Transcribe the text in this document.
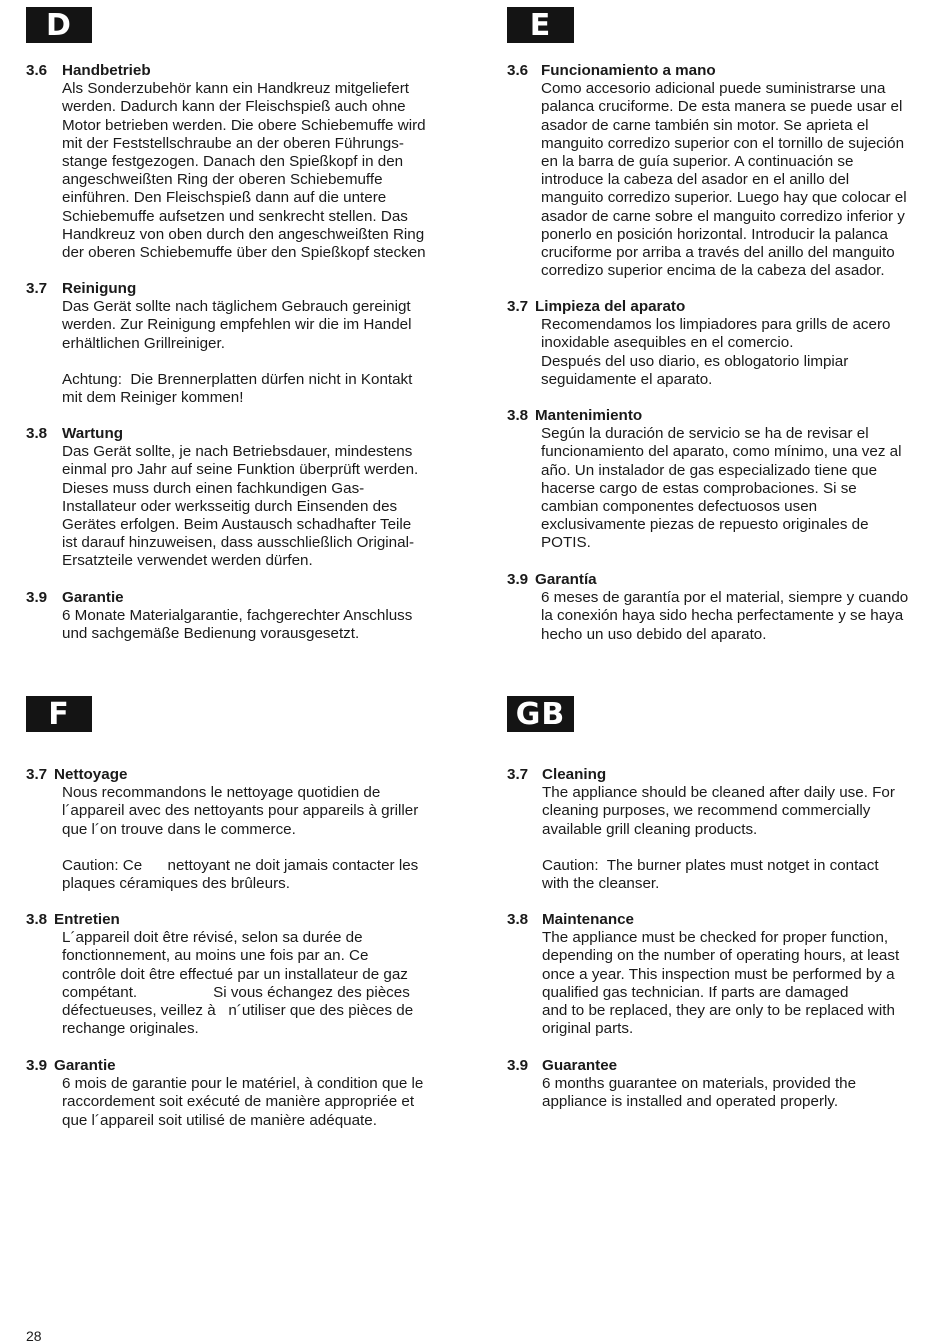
D	E
F	GB
3.6 Handbetrieb
Als Sonderzubehör kann ein Handkreuz mitgeliefert
werden. Dadurch kann der Fleischspieß auch ohne
Motor betrieben werden. Die obere Schiebemuffe wird
mit der Feststellschraube an der oberen Führungs-
stange festgezogen. Danach den Spießkopf in den
angeschweißten Ring der oberen Schiebemuffe
einführen. Den Fleischspieß dann auf die untere
Schiebemuffe aufsetzen und senkrecht stellen. Das
Handkreuz von oben durch den angeschweißten Ring
der oberen Schiebemuffe über den Spießkopf stecken
3.7 Reinigung
Das Gerät sollte nach täglichem Gebrauch gereinigt
werden. Zur Reinigung empfehlen wir die im Handel
erhältlichen Grillreiniger.
Achtung:  Die Brennerplatten dürfen nicht in Kontakt
mit dem Reiniger kommen!
3.8 Wartung
Das Gerät sollte, je nach Betriebsdauer, mindestens
einmal pro Jahr auf seine Funktion überprüft werden.
Dieses muss durch einen fachkundigen Gas-
Installateur oder werksseitig durch Einsenden des
Gerätes erfolgen. Beim Austausch schadhafter Teile
ist darauf hinzuweisen, dass ausschließlich Original-
Ersatzteile verwendet werden dürfen.
3.9 Garantie
6 Monate Materialgarantie, fachgerechter Anschluss
und sachgemäße Bedienung vorausgesetzt.
3.6 Funcionamiento a mano
Como accesorio adicional puede suministrarse una
palanca cruciforme. De esta manera se puede usar el
asador de carne también sin motor. Se aprieta el
manguito corredizo superior con el tornillo de sujeción
en la barra de guía superior. A continuación se
introduce la cabeza del asador en el anillo del
manguito corredizo superior. Luego hay que colocar el
asador de carne sobre el manguito corredizo inferior y
ponerlo en posición horizontal. Introducir la palanca
cruciforme por arriba a través del anillo del manguito
corredizo superior encima de la cabeza del asador.
3.7 Limpieza del aparato
Recomendamos los limpiadores para grills de acero
inoxidable asequibles en el comercio.
Después del uso diario, es oblogatorio limpiar
seguidamente el aparato.
3.8 Mantenimiento
Según la duración de servicio se ha de revisar el
funcionamiento del aparato, como mínimo, una vez al
año. Un instalador de gas especializado tiene que
hacerse cargo de estas comprobaciones. Si se
cambian componentes defectuosos usen
exclusivamente piezas de repuesto originales de
POTIS.
3.9 Garantía
6 meses de garantía por el material, siempre y cuando
la conexión haya sido hecha perfectamente y se haya
hecho un uso debido del aparato.
3.7 Nettoyage
Nous recommandons le nettoyage quotidien de
l´appareil avec des nettoyants pour appareils à griller
que l´on trouve dans le commerce.
Caution: Ce      nettoyant ne doit jamais contacter les
plaques céramiques des brûleurs.
3.8 Entretien
L´appareil doit être révisé, selon sa durée de
fonctionnement, au moins une fois par an. Ce
contrôle doit être effectué par un installateur de gaz
compétant.                  Si vous échangez des pièces
défectueuses, veillez à   n´utiliser que des pièces de
rechange originales.
3.9 Garantie
6 mois de garantie pour le matériel, à condition que le
raccordement soit exécuté de manière appropriée et
que l´appareil soit utilisé de manière adéquate.
3.7 Cleaning
The appliance should be cleaned after daily use. For
cleaning purposes, we recommend commercially
available grill cleaning products.
Caution:  The burner plates must notget in contact
with the cleanser.
3.8 Maintenance
The appliance must be checked for proper function,
depending on the number of operating hours, at least
once a year. This inspection must be performed by a
qualified gas technician. If parts are damaged
and to be replaced, they are only to be replaced with
original parts.
3.9 Guarantee
6 months guarantee on materials, provided the
appliance is installed and operated properly.
28
